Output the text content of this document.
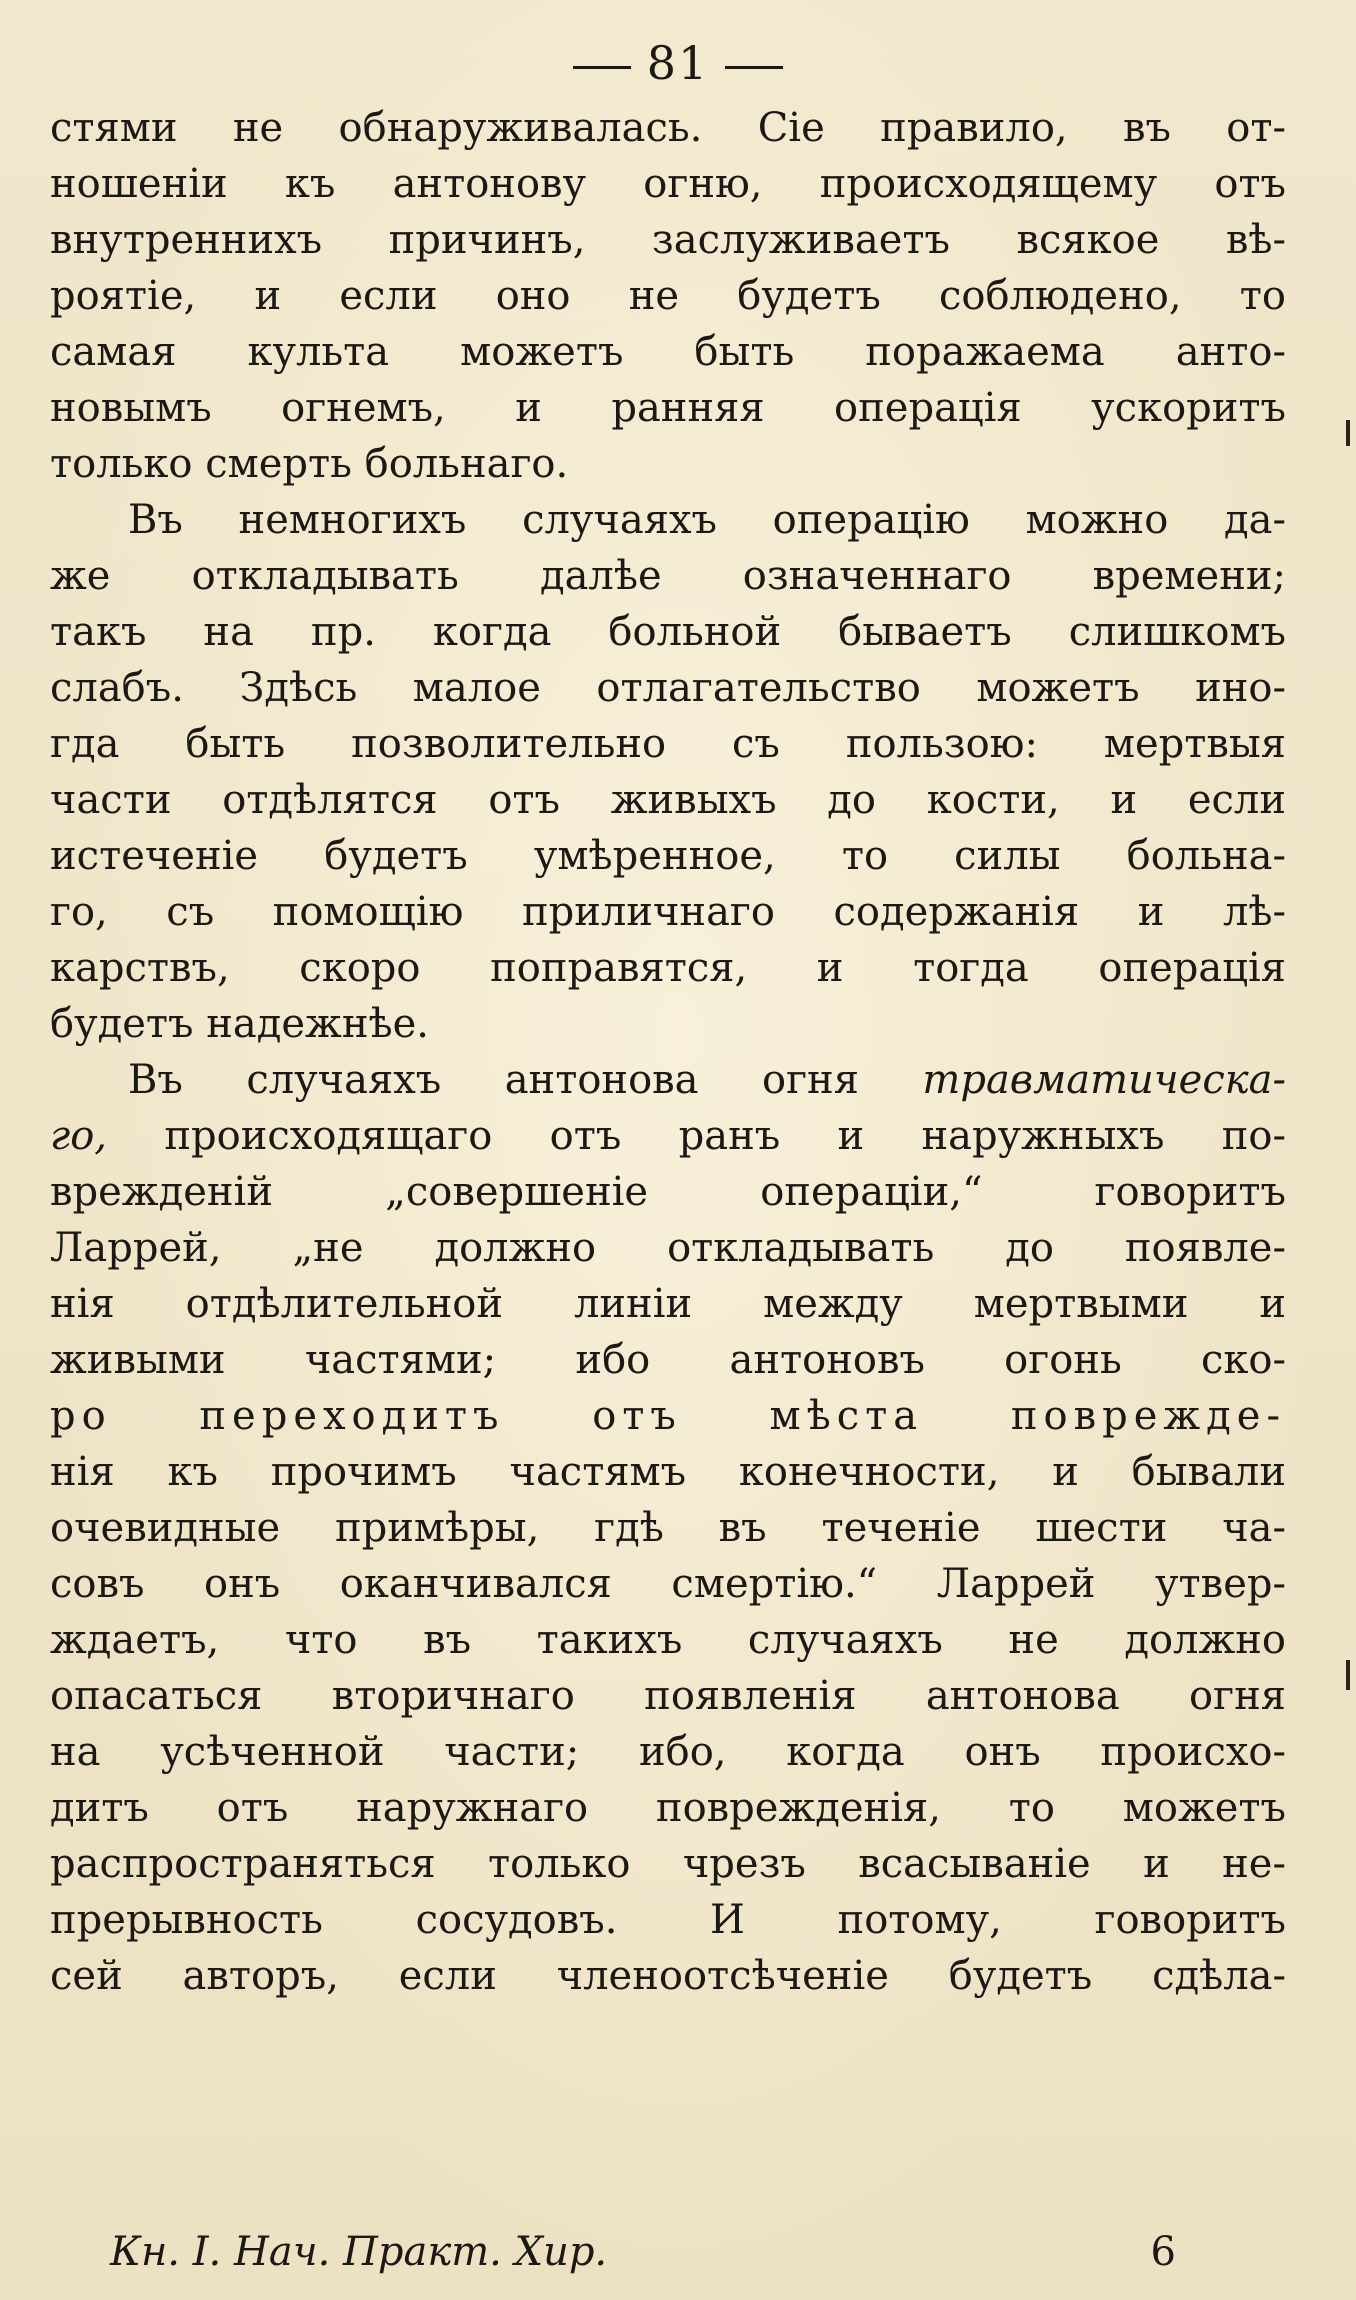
81
стями не обнаруживалась. Сіе правило, въ от-
ношеніи къ антонову огню, происходящему отъ
внутреннихъ причинъ, заслуживаетъ всякое вѣ-
роятіе, и если оно не будетъ соблюдено, то
самая культа можетъ быть поражаема анто-
новымъ огнемъ, и ранняя операція ускоритъ
только смерть больнаго.
Въ немногихъ случаяхъ операцію можно да-
же откладывать далѣе означеннаго времени;
такъ на пр. когда больной бываетъ слишкомъ
слабъ. Здѣсь малое отлагательство можетъ ино-
гда быть позволительно съ пользою: мертвыя
части отдѣлятся отъ живыхъ до кости, и если
истеченіе будетъ умѣренное, то силы больна-
го, съ помощію приличнаго содержанія и лѣ-
карствъ, скоро поправятся, и тогда операція
будетъ надежнѣе.
Въ случаяхъ антонова огня травматическа-
го, происходящаго отъ ранъ и наружныхъ по-
врежденій „совершеніе операціи,“ говоритъ
Ларрей, „не должно откладывать до появле-
нія отдѣлительной линіи между мертвыми и
живыми частями; ибо антоновъ огонь ско-
ро переходитъ отъ мѣста повреждe-
нія къ прочимъ частямъ конечности, и бывали
очевидные примѣры, гдѣ въ теченіе шести ча-
совъ онъ оканчивался смертію.“ Ларрей утвер-
ждаетъ, что въ такихъ случаяхъ не должно
опасаться вторичнаго появленія антонова огня
на усѣченной части; ибо, когда онъ происхо-
дитъ отъ наружнаго поврежденія, то можетъ
распространяться только чрезъ всасываніе и не-
прерывность сосудовъ. И потому, говоритъ
сей авторъ, если членоотсѣченіе будетъ сдѣла-
Кн. I. Нач. Практ. Хир.	6
